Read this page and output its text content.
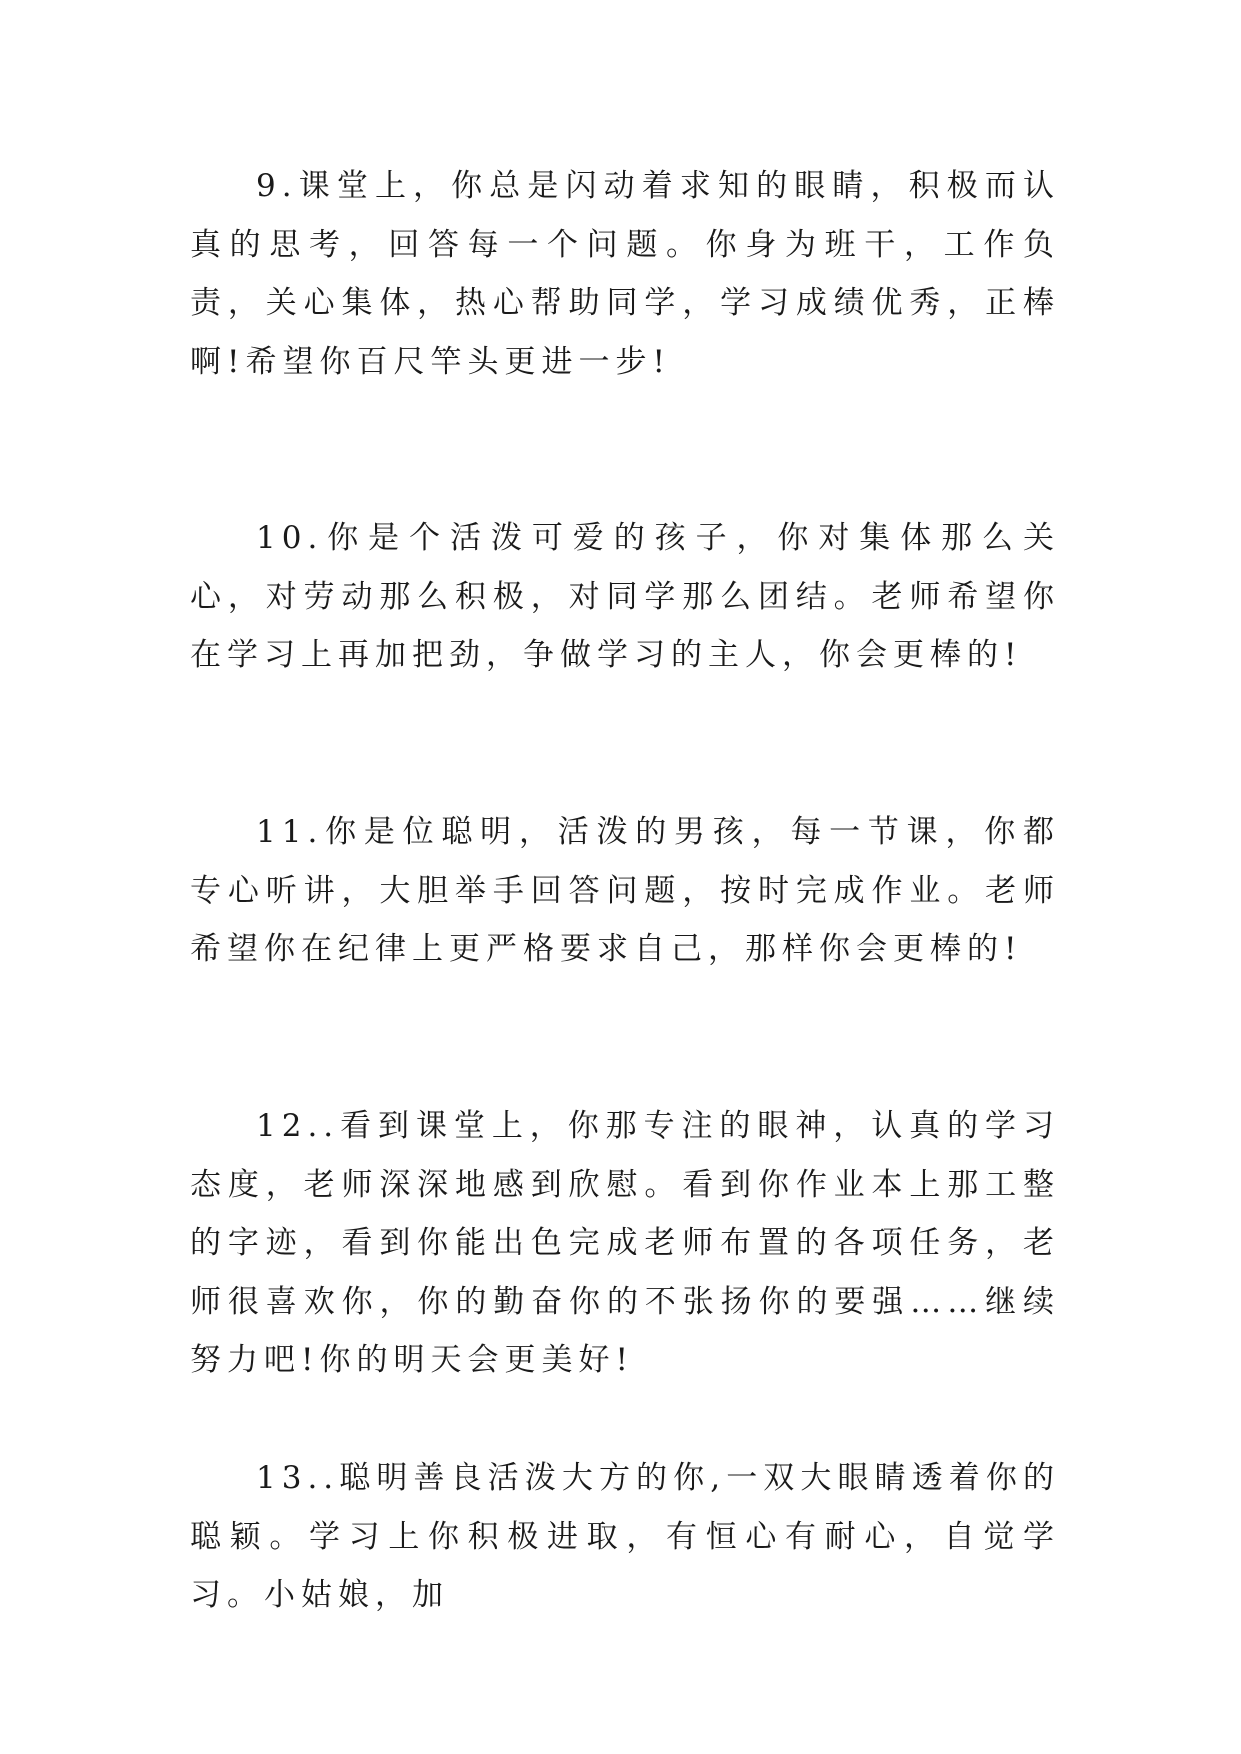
9.课堂上，你总是闪动着求知的眼睛，积极而认真的思考，回答每一个问题。你身为班干，工作负责，关心集体，热心帮助同学，学习成绩优秀，正棒啊!希望你百尺竿头更进一步!

10.你是个活泼可爱的孩子，你对集体那么关心，对劳动那么积极，对同学那么团结。老师希望你在学习上再加把劲，争做学习的主人，你会更棒的!

11.你是位聪明，活泼的男孩，每一节课，你都专心听讲，大胆举手回答问题，按时完成作业。老师希望你在纪律上更严格要求自己，那样你会更棒的!

12..看到课堂上，你那专注的眼神，认真的学习态度，老师深深地感到欣慰。看到你作业本上那工整的字迹，看到你能出色完成老师布置的各项任务，老师很喜欢你，你的勤奋你的不张扬你的要强……继续努力吧!你的明天会更美好!

13..聪明善良活泼大方的你,一双大眼睛透着你的聪颖。学习上你积极进取，有恒心有耐心，自觉学习。小姑娘，加
